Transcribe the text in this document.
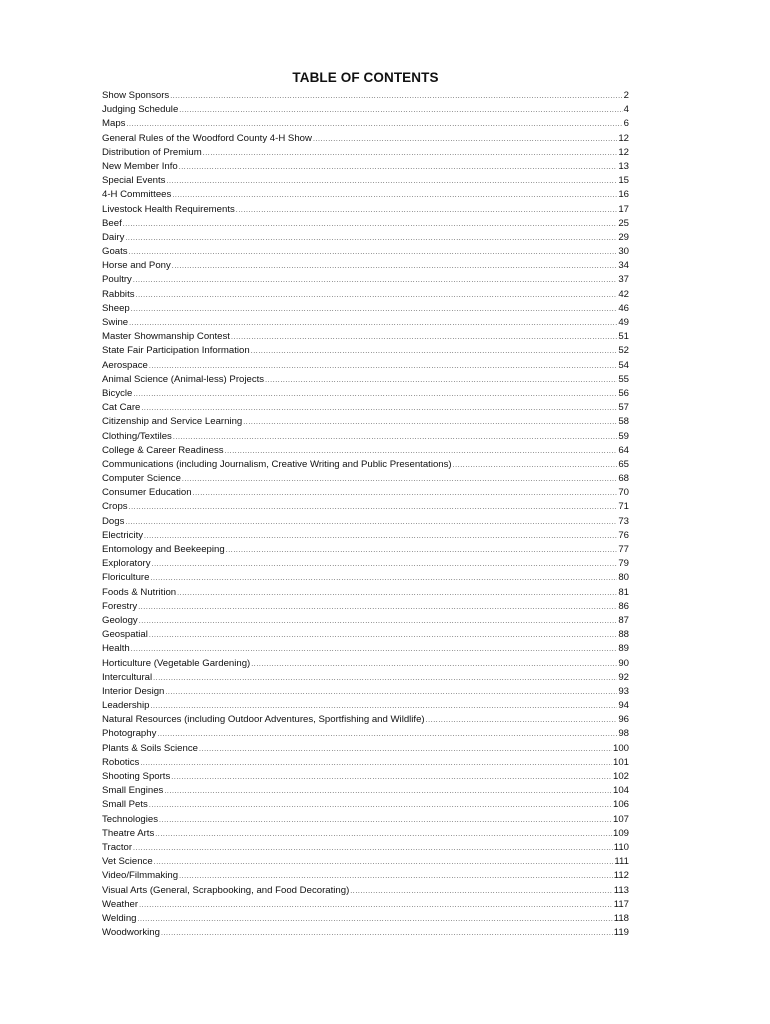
TABLE OF CONTENTS
Show Sponsors .....	2
Judging Schedule .....	4
Maps .....	6
General Rules of the Woodford County 4-H Show .....	12
Distribution of Premium .....	12
New Member Info .....	13
Special Events .....	15
4-H Committees .....	16
Livestock Health Requirements .....	17
Beef .....	25
Dairy .....	29
Goats .....	30
Horse and Pony .....	34
Poultry .....	37
Rabbits .....	42
Sheep .....	46
Swine .....	49
Master Showmanship Contest .....	51
State Fair Participation Information .....	52
Aerospace .....	54
Animal Science (Animal-less) Projects .....	55
Bicycle .....	56
Cat Care .....	57
Citizenship and Service Learning .....	58
Clothing/Textiles .....	59
College & Career Readiness .....	64
Communications (including Journalism, Creative Writing and Public Presentations) .....	65
Computer Science .....	68
Consumer Education .....	70
Crops .....	71
Dogs .....	73
Electricity .....	76
Entomology and Beekeeping .....	77
Exploratory .....	79
Floriculture .....	80
Foods & Nutrition .....	81
Forestry .....	86
Geology .....	87
Geospatial .....	88
Health .....	89
Horticulture (Vegetable Gardening) .....	90
Intercultural .....	92
Interior Design .....	93
Leadership .....	94
Natural Resources (including Outdoor Adventures, Sportfishing and Wildlife) .....	96
Photography .....	98
Plants & Soils Science .....	100
Robotics .....	101
Shooting Sports .....	102
Small Engines .....	104
Small Pets .....	106
Technologies .....	107
Theatre Arts .....	109
Tractor .....	110
Vet Science .....	111
Video/Filmmaking .....	112
Visual Arts (General, Scrapbooking, and Food Decorating) .....	113
Weather .....	117
Welding .....	118
Woodworking .....	119
